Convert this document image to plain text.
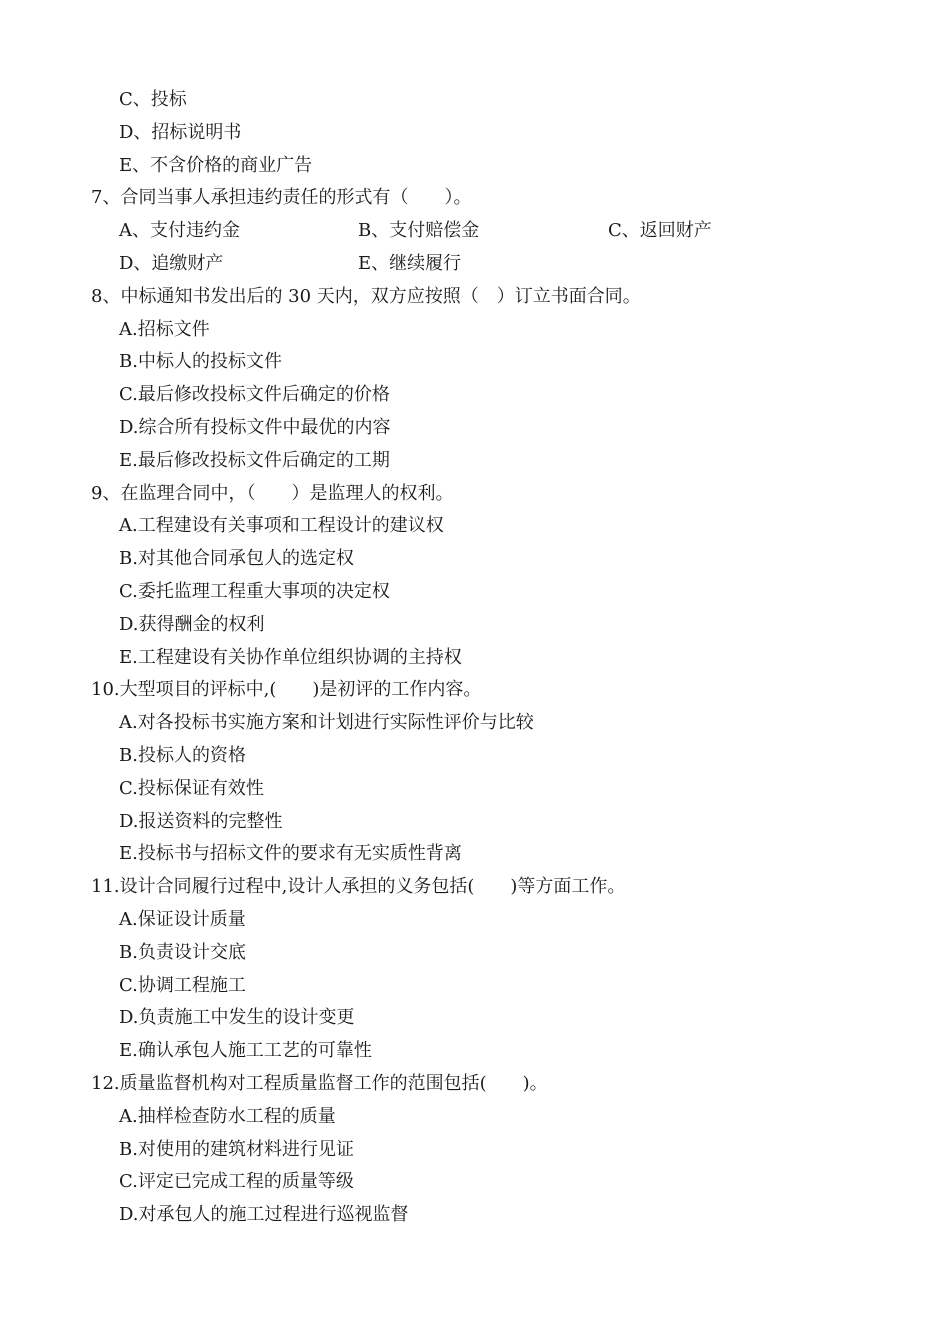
C、投标
D、招标说明书
E、不含价格的商业广告
7、合同当事人承担违约责任的形式有（　　）。
A、支付违约金	B、支付赔偿金	C、返回财产
D、追缴财产	E、继续履行
8、中标通知书发出后的 30 天内，双方应按照（　）订立书面合同。
A.招标文件
B.中标人的投标文件
C.最后修改投标文件后确定的价格
D.综合所有投标文件中最优的内容
E.最后修改投标文件后确定的工期
9、在监理合同中，（　　）是监理人的权利。
A.工程建设有关事项和工程设计的建议权
B.对其他合同承包人的选定权
C.委托监理工程重大事项的决定权
D.获得酬金的权利
E.工程建设有关协作单位组织协调的主持权
10.大型项目的评标中,(　　)是初评的工作内容。
A.对各投标书实施方案和计划进行实际性评价与比较
B.投标人的资格
C.投标保证有效性
D.报送资料的完整性
E.投标书与招标文件的要求有无实质性背离
11.设计合同履行过程中,设计人承担的义务包括(　　)等方面工作。
A.保证设计质量
B.负责设计交底
C.协调工程施工
D.负责施工中发生的设计变更
E.确认承包人施工工艺的可靠性
12.质量监督机构对工程质量监督工作的范围包括(　　)。
A.抽样检查防水工程的质量
B.对使用的建筑材料进行见证
C.评定已完成工程的质量等级
D.对承包人的施工过程进行巡视监督
